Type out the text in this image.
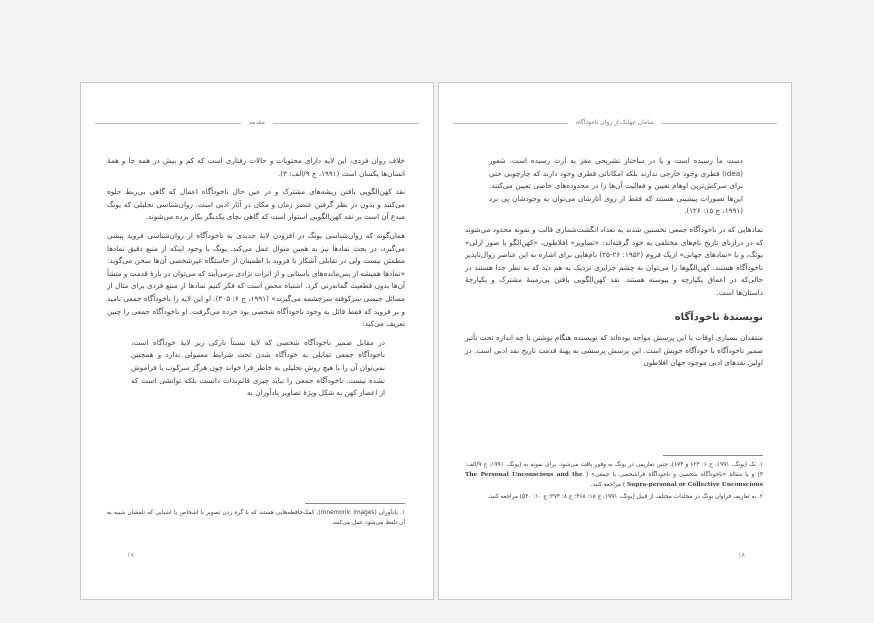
مقدمه

خلاف روان فردی، این لایه دارای محتویات و حالات رفتاری است که کم و بیش در همه جا و همهٔ انسان‌ها یکسان است (۱۹۹۱، ج ۹/الف: ۳).

نقد کهن‌الگویی بافتن ریشه‌های مشترک و در عین حال ناخودآگاه اعمال که گاهی بی‌ربط جلوه می‌کنند و بدون در نظر گرفتن عنصر زمان و مکان در آثار ادبی است. روان‌شناسی تحلیلی که یونگ مبدع آن است بر نقد کهن‌الگویی استوار است که گاهی بجای یکدیگر بکار برده می‌شوند.

همان‌گونه که روان‌شناسی یونگ در افزودن لایهٔ جدیدی به ناخودآگاه از روان‌شناسی فروید پیشی می‌گیرد، در بحث نمادها نیز به همین منوال عمل می‌کند. یونگ با وجود اینکه از منبع دقیق نمادها مطمئن نیست ولی در تقابلی آشکار با فروید با اطمینان از خاستگاه غیرشخصی آن‌ها سخن می‌گوید: «نمادها همیشه از پس‌مانده‌های باستانی و از اثرات نژادی برمی‌آیند که می‌توان در بارهٔ قدمت و منشأ آن‌ها بدون قطعیت گمانه‌زنی کرد. اشتباه محض است که فکر کنیم نمادها از منبع فردی برای مثال از مسائل جنسی سرکوفته سرچشمه می‌گیرند» (۱۹۹۱، ج ۶: ۳۰۵). او این لایه را ناخودآگاه جمعی نامید و بر فروید که فقط قائل به وجود ناخودآگاه شخصی بود خرده می‌گرفت. او ناخودآگاه جمعی را چنین تعریف می‌کند:

در مقابل ضمیر ناخودآگاه شخصی که لایهٔ نسبتاً نازکی زیر لایهٔ خودآگاه است، ناخودآگاه جمعی تمایلی به خودآگاه شدن تحت شرایط معمولی ندارد و همچنین نمی‌توان آن را با هیچ روش تحلیلی به خاطر فرا خواند چون هرگز سرکوب یا فراموش نشده نیست. ناخودآگاه جمعی را نباید چیزی قائم‌بذات دانست بلکه توانشی است که از اعصار کهن به شکل ویژهٔ تصاویر یادآوران به

۱. یادآوران (mnemonic images)، کمک‌حافظه‌هایی هستند که با گره زدن تصویر با اشخاص یا اشیایی که نامشان شبیه به آن تلفظ می‌شود عمل می‌کنند.

۱۷
سامان جهانک از روان ناخودآگاه

دست ما رسیده است و یا در ساختار تشریحی مغز به ارث رسیده است. شعور (idea) فطری وجود خارجی ندارند بلکه امکاناتی فطری وجود دارند که چارچوبی حتی برای سرکش‌ترین اوهام تعیین و فعالیت آن‌ها را در محدوده‌های خاصی تعیین می‌کنند. این‌ها تصورات پیشینی هستند که فقط از روی آثارشان می‌توان به وجودشان پی برد (۱۹۹۱، ج ۱۵: ۱۲۶).

نمادهایی که در ناخودآگاه جمعی نخستین شدند به تعداد انگشت‌شماری قالب و نمونه محدود می‌شوند که در درازنای تاریخ نام‌های مختلفی به خود گرفته‌اند: «تصاویر» افلاطون، «کهن‌الگو یا صور ازلی» یونگ، و یا «نمادهای جهانی» اریک فروم (۱۹۵۲: ۲۶-۲۵) نام‌هایی برای اشاره به این عناصر زوال‌ناپذیر ناخودآگاه هستند. کهن‌الگوها را می‌توان به چشم جزایری نزدیک به هم دید که به نظر جدا هستند در حالی‌که در اعماق یکپارچه و پیوسته هستند. نقد کهن‌الگویی یافتن پی‌زمینهٔ مشترک و یکپارچهٔ داستان‌ها است.

نویسندهٔ ناخودآگاه

منتقدان بسیاری اوقات با این پرسش مواجه بوده‌اند که نویسنده هنگام نوشتن تا چه اندازه تحت تأثیر ضمیر ناخودآگاه یا خودآگاه خویش است. این پرسش پرسشی به پهنهٔ قدمت تاریخ نقد ادبی است. در اولین نقدهای ادبی موجود جهان افلاطون

۱. نک (یونگ، ۱۹۹۱، ج ۶: ۶۲۳ و ۶۷۴). چنین تعاریفی در یونگ به وفور یافت می‌شود. برای نمونه به (یونگ، ۱۹۹۱، ج ۹/الف: ۳) و یا مقالهٔ «ناخودآگاه شخصی و ناخودآگاه فراشخصی یا جمعی» ( The Personal Unconscious and the Supra-personal or Collective Unconscious ) مراجعه کنید.

۲. به تعاریف فراوان یونگ در مجلدات مختلف از قبیل (یونگ، ۱۹۹۱، ج ۱۸: ۴۶۸؛ ج ۸: ۳۷۳؛ ج ۱۰: ۵۳۰) مراجعه کنید.

۱۸
